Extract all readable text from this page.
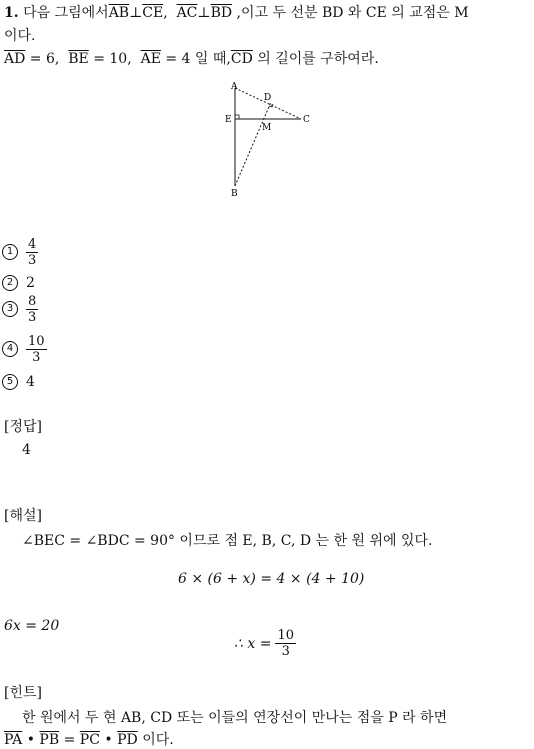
1. 다음 그림에서$\overline{AB}\perp\overline{CE}$, $\overline{AC}\perp\overline{BD}$ ,이고 두 선분 BD 와 CE 의 교점은 M
이다.
$\overline{AD} = 6$, $\overline{BE} = 10$, $\overline{AE} = 4$ 일 때$,\overline{CD}$ 의 길이를 구하여라.
A
D
E
M
C
B
$1 \frac{4}{3}$
2 2
$3 \frac{8}{3}$
$4 \frac{10}{3}$
5 4
[정답]
4
[해설]
∠BEC = ∠BDC = 90° 이므로 점 E, B, C, D 는 한 원 위에 있다.
6 × (6 + x) = 4 × (4 + 10)
6x = 20
∴ $x = \frac{10}{3}$
[힌트]
한 원에서 두 현 AB, CD 또는 이들의 연장선이 만나는 점을 P 라 하면
$\overline{PA}$ • $\overline{PB} = \overline{PC}$ • $\overline{PD}$ 이다.
